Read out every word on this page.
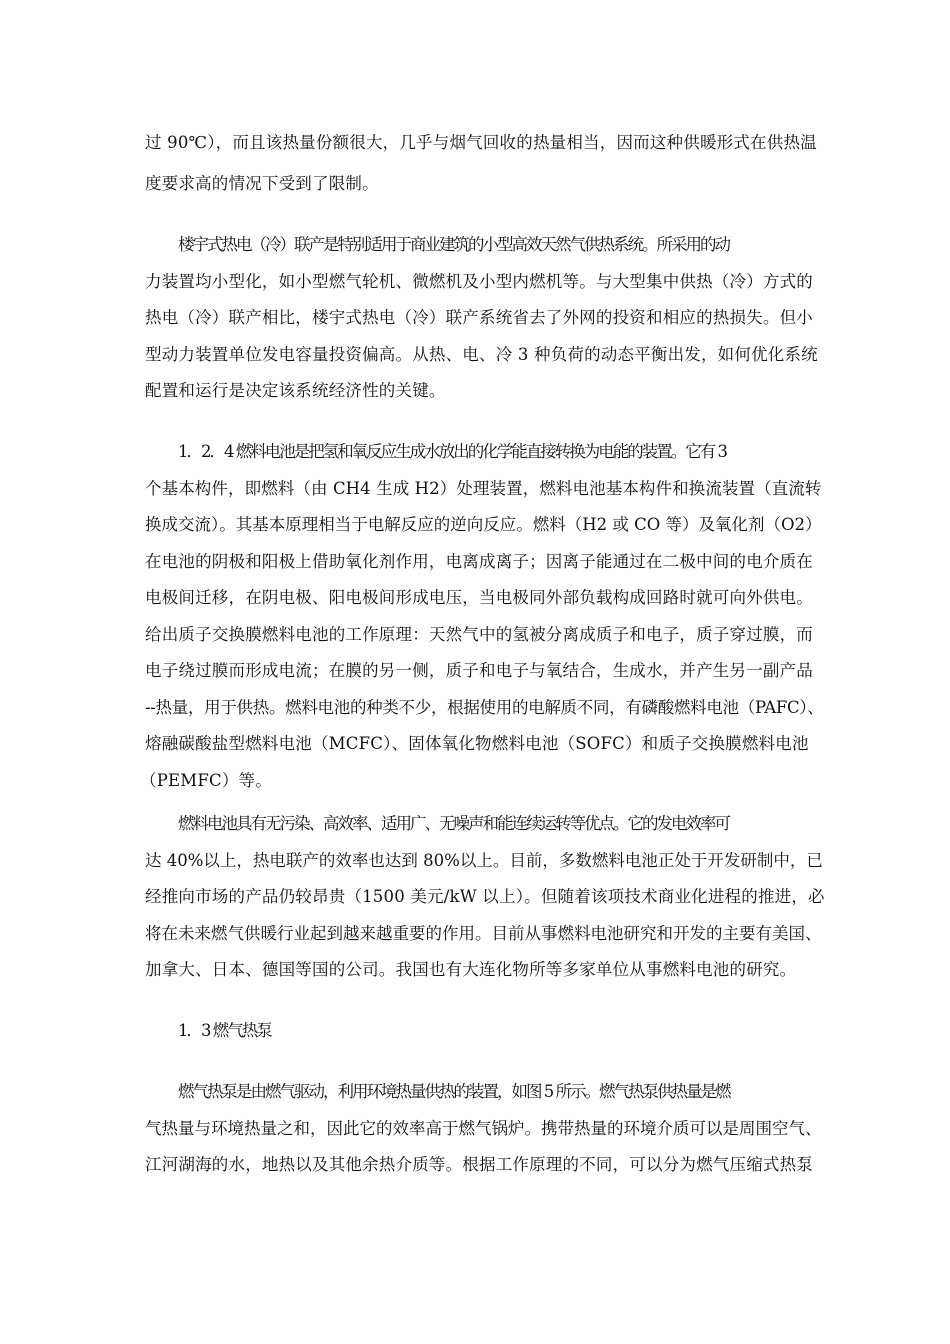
过 90℃），而且该热量份额很大，几乎与烟气回收的热量相当，因而这种供暖形式在供热温
度要求高的情况下受到了限制。
楼宇式热电（冷）联产是特别适用于商业建筑的小型高效天然气供热系统。所采用的动
力装置均小型化，如小型燃气轮机、微燃机及小型内燃机等。与大型集中供热（冷）方式的
热电（冷）联产相比，楼宇式热电（冷）联产系统省去了外网的投资和相应的热损失。但小
型动力装置单位发电容量投资偏高。从热、电、冷 3 种负荷的动态平衡出发，如何优化系统
配置和运行是决定该系统经济性的关键。
1．2．4 燃料电池是把氢和氧反应生成水放出的化学能直接转换为电能的装置。它有 3
个基本构件，即燃料（由 CH4 生成 H2）处理装置，燃料电池基本构件和换流装置（直流转
换成交流）。其基本原理相当于电解反应的逆向反应。燃料（H2 或 CO 等）及氧化剂（O2）
在电池的阴极和阳极上借助氧化剂作用，电离成离子；因离子能通过在二极中间的电介质在
电极间迁移，在阴电极、阳电极间形成电压，当电极同外部负载构成回路时就可向外供电。
给出质子交换膜燃料电池的工作原理：天然气中的氢被分离成质子和电子，质子穿过膜，而
电子绕过膜而形成电流；在膜的另一侧，质子和电子与氧结合，生成水，并产生另一副产品
--热量，用于供热。燃料电池的种类不少，根据使用的电解质不同，有磷酸燃料电池（PAFC）、
熔融碳酸盐型燃料电池（MCFC）、固体氧化物燃料电池（SOFC）和质子交换膜燃料电池
（PEMFC）等。
燃料电池具有无污染、高效率、适用广、无噪声和能连续运转等优点。它的发电效率可
达 40%以上，热电联产的效率也达到 80%以上。目前，多数燃料电池正处于开发研制中，已
经推向市场的产品仍较昂贵（1500 美元/kW 以上）。但随着该项技术商业化进程的推进，必
将在未来燃气供暖行业起到越来越重要的作用。目前从事燃料电池研究和开发的主要有美国、
加拿大、日本、德国等国的公司。我国也有大连化物所等多家单位从事燃料电池的研究。
1．3 燃气热泵
燃气热泵是由燃气驱动，利用环境热量供热的装置，如图 5 所示。燃气热泵供热量是燃
气热量与环境热量之和，因此它的效率高于燃气锅炉。携带热量的环境介质可以是周围空气、
江河湖海的水，地热以及其他余热介质等。根据工作原理的不同，可以分为燃气压缩式热泵
